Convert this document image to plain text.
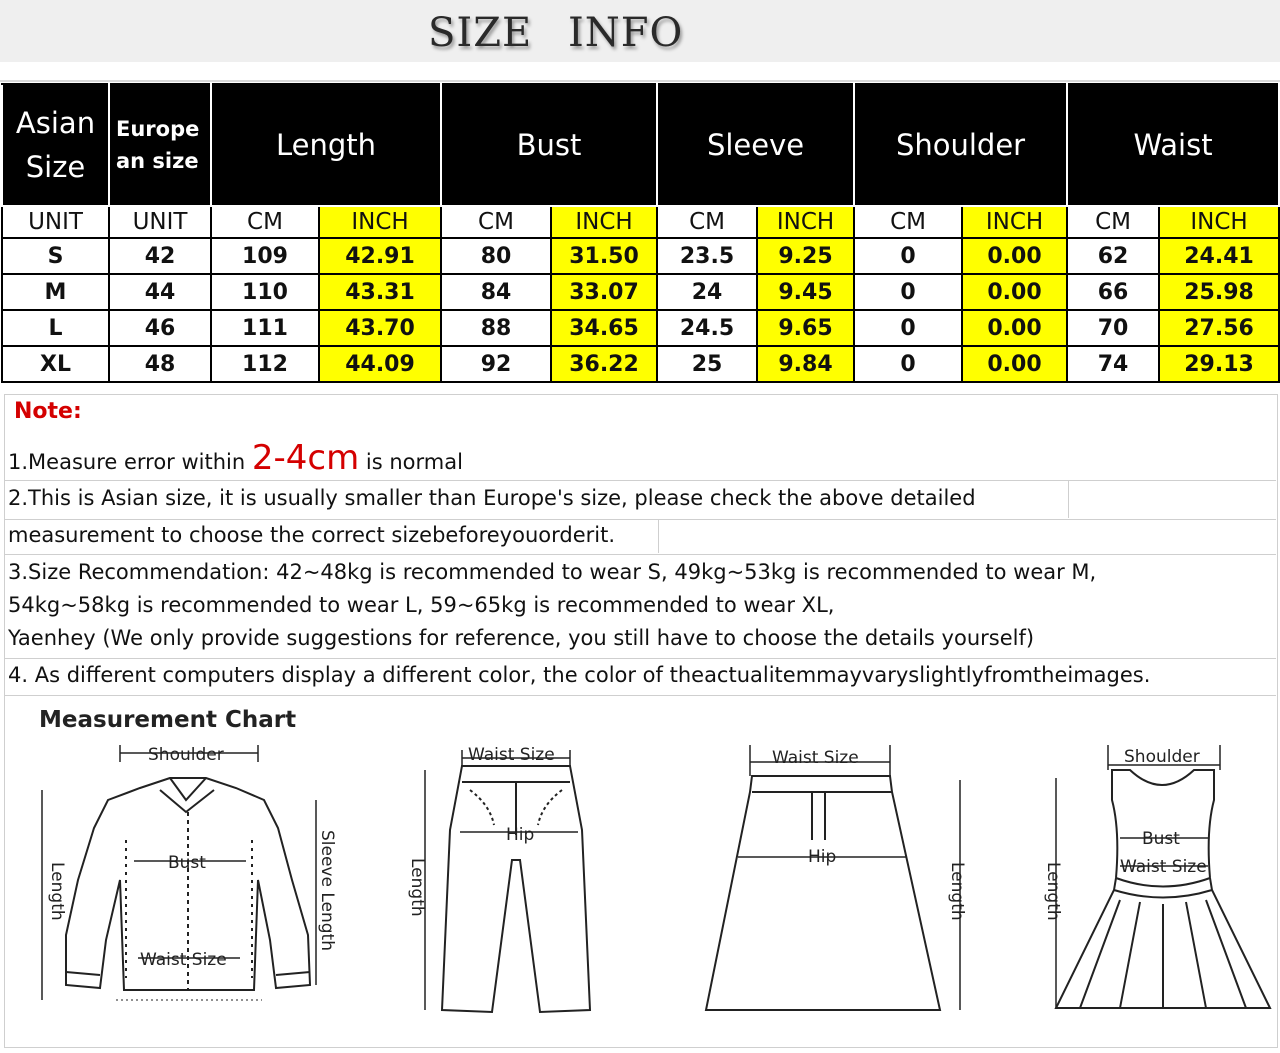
SIZE INFO
Asian
Size	Europe
an size	Length		Bust		Sleeve		Shoulder		Waist	
UNIT	UNIT	CM	INCH	CM	INCH	CM	INCH	CM	INCH	CM	INCH
S	42	109	42.91	80	31.50	23.5	9.25	0	0.00	62	24.41
M	44	110	43.31	84	33.07	24	9.45	0	0.00	66	25.98
L	46	111	43.70	88	34.65	24.5	9.65	0	0.00	70	27.56
XL	48	112	44.09	92	36.22	25	9.84	0	0.00	74	29.13
Note:
1.Measure error within 2-4cm is normal
2.This is Asian size, it is usually smaller than Europe's size, please check the above detailed
measurement to choose the correct sizebeforeyouorderit.
3.Size Recommendation: 42~48kg is recommended to wear S, 49kg~53kg is recommended to wear M,
54kg~58kg is recommended to wear L, 59~65kg is recommended to wear XL,
Yaenhey (We only provide suggestions for reference, you still have to choose the details yourself)
4. As different computers display a different color, the color of theactualitemmayvaryslightlyfromtheimages.
Measurement Chart
Shoulder
Bust
Waist Size
Length	Sleeve Length
Waist Size
Hip
Length
Waist Size
Hip
Length
Shoulder
Bust
Waist Size
Length
